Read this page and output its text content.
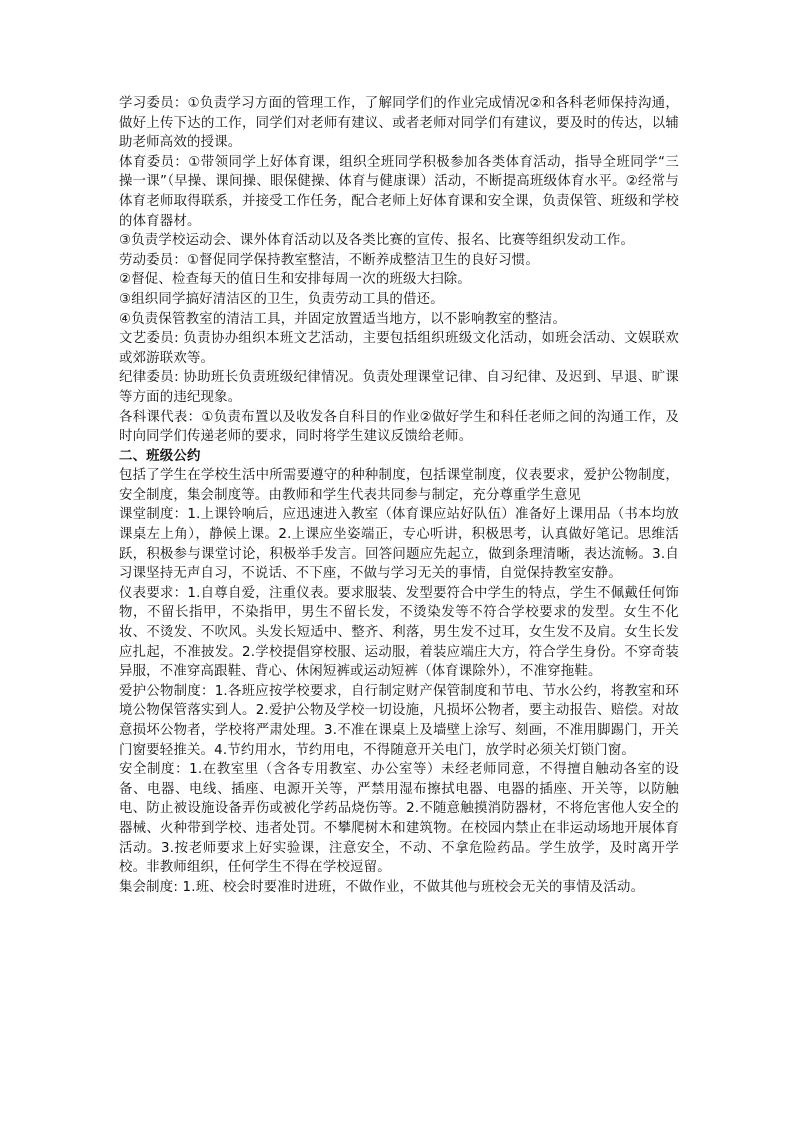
学习委员：①负责学习方面的管理工作，了解同学们的作业完成情况②和各科老师保持沟通，做好上传下达的工作，同学们对老师有建议、或者老师对同学们有建议，要及时的传达，以辅助老师高效的授课。

体育委员：①带领同学上好体育课，组织全班同学积极参加各类体育活动，指导全班同学“三操一课”（早操、课间操、眼保健操、体育与健康课）活动，不断提高班级体育水平。②经常与体育老师取得联系，并接受工作任务，配合老师上好体育课和安全课，负责保管、班级和学校的体育器材。

③负责学校运动会、课外体育活动以及各类比赛的宣传、报名、比赛等组织发动工作。

劳动委员：①督促同学保持教室整洁，不断养成整洁卫生的良好习惯。

②督促、检查每天的值日生和安排每周一次的班级大扫除。

③组织同学搞好清洁区的卫生，负责劳动工具的借还。

④负责保管教室的清洁工具，并固定放置适当地方，以不影响教室的整洁。

文艺委员: 负责协办组织本班文艺活动，主要包括组织班级文化活动，如班会活动、文娱联欢或郊游联欢等。

纪律委员: 协助班长负责班级纪律情况。负责处理课堂记律、自习纪律、及迟到、早退、旷课等方面的违纪现象。

各科课代表：①负责布置以及收发各自科目的作业②做好学生和科任老师之间的沟通工作，及时向同学们传递老师的要求，同时将学生建议反馈给老师。

二、班级公约

包括了学生在学校生活中所需要遵守的种种制度，包括课堂制度，仪表要求，爱护公物制度，安全制度，集会制度等。由教师和学生代表共同参与制定，充分尊重学生意见

课堂制度：1.上课铃响后，应迅速进入教室（体育课应站好队伍）准备好上课用品（书本均放课桌左上角），静候上课。2.上课应坐姿端正，专心听讲，积极思考，认真做好笔记。思维活跃，积极参与课堂讨论，积极举手发言。回答问题应先起立，做到条理清晰，表达流畅。3.自习课坚持无声自习，不说话、不下座，不做与学习无关的事情，自觉保持教室安静。

仪表要求：1.自尊自爱，注重仪表。要求服装、发型要符合中学生的特点，学生不佩戴任何饰物，不留长指甲，不染指甲，男生不留长发，不烫染发等不符合学校要求的发型。女生不化妆、不烫发、不吹风。头发长短适中、整齐、利落，男生发不过耳，女生发不及肩。女生长发应扎起，不准披发。2.学校提倡穿校服、运动服，着装应端庄大方，符合学生身份。不穿奇装异服，不准穿高跟鞋、背心、休闲短裤或运动短裤（体育课除外），不准穿拖鞋。

爱护公物制度：1.各班应按学校要求，自行制定财产保管制度和节电、节水公约，将教室和环境公物保管落实到人。2.爱护公物及学校一切设施，凡损坏公物者，要主动报告、赔偿。对故意损坏公物者，学校将严肃处理。3.不准在课桌上及墙壁上涂写、刻画，不准用脚踢门，开关门窗要轻推关。4.节约用水，节约用电，不得随意开关电门，放学时必须关灯锁门窗。

安全制度：1.在教室里（含各专用教室、办公室等）未经老师同意，不得擅自触动各室的设备、电器、电线、插座、电源开关等，严禁用湿布擦拭电器、电器的插座、开关等，以防触电、防止被设施设备弄伤或被化学药品烧伤等。2.不随意触摸消防器材，不将危害他人安全的器械、火种带到学校、违者处罚。不攀爬树木和建筑物。在校园内禁止在非运动场地开展体育活动。3.按老师要求上好实验课，注意安全，不动、不拿危险药品。学生放学，及时离开学校。非教师组织，任何学生不得在学校逗留。

集会制度: 1.班、校会时要准时进班，不做作业，不做其他与班校会无关的事情及活动。
